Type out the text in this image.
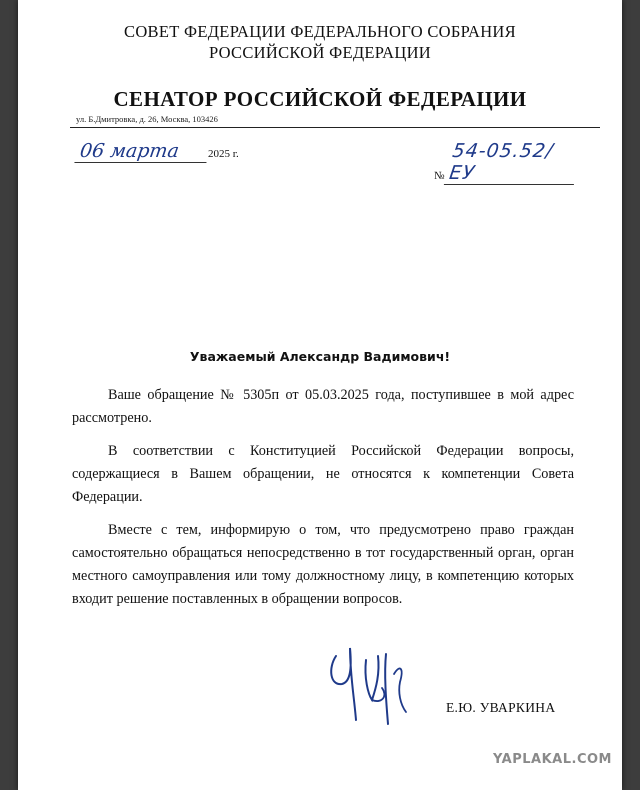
СОВЕТ ФЕДЕРАЦИИ ФЕДЕРАЛЬНОГО СОБРАНИЯ
РОССИЙСКОЙ ФЕДЕРАЦИИ
СЕНАТОР РОССИЙСКОЙ ФЕДЕРАЦИИ
ул. Б.Дмитровка, д. 26, Москва, 103426
06 марта	2025 г.
№ 54-05.52/ЕУ
Уважаемый Александр Вадимович!

Ваше обращение № 5305п от 05.03.2025 года, поступившее в мой адрес рассмотрено.

В соответствии с Конституцией Российской Федерации вопросы, содержащиеся в Вашем обращении, не относятся к компетенции Совета Федерации.

Вместе с тем, информирую о том, что предусмотрено право граждан самостоятельно обращаться непосредственно в тот государственный орган, орган местного самоуправления или тому должностному лицу, в компетенцию которых входит решение поставленных в обращении вопросов.

Е.Ю. УВАРКИНА
YAPLAKAL.COM
